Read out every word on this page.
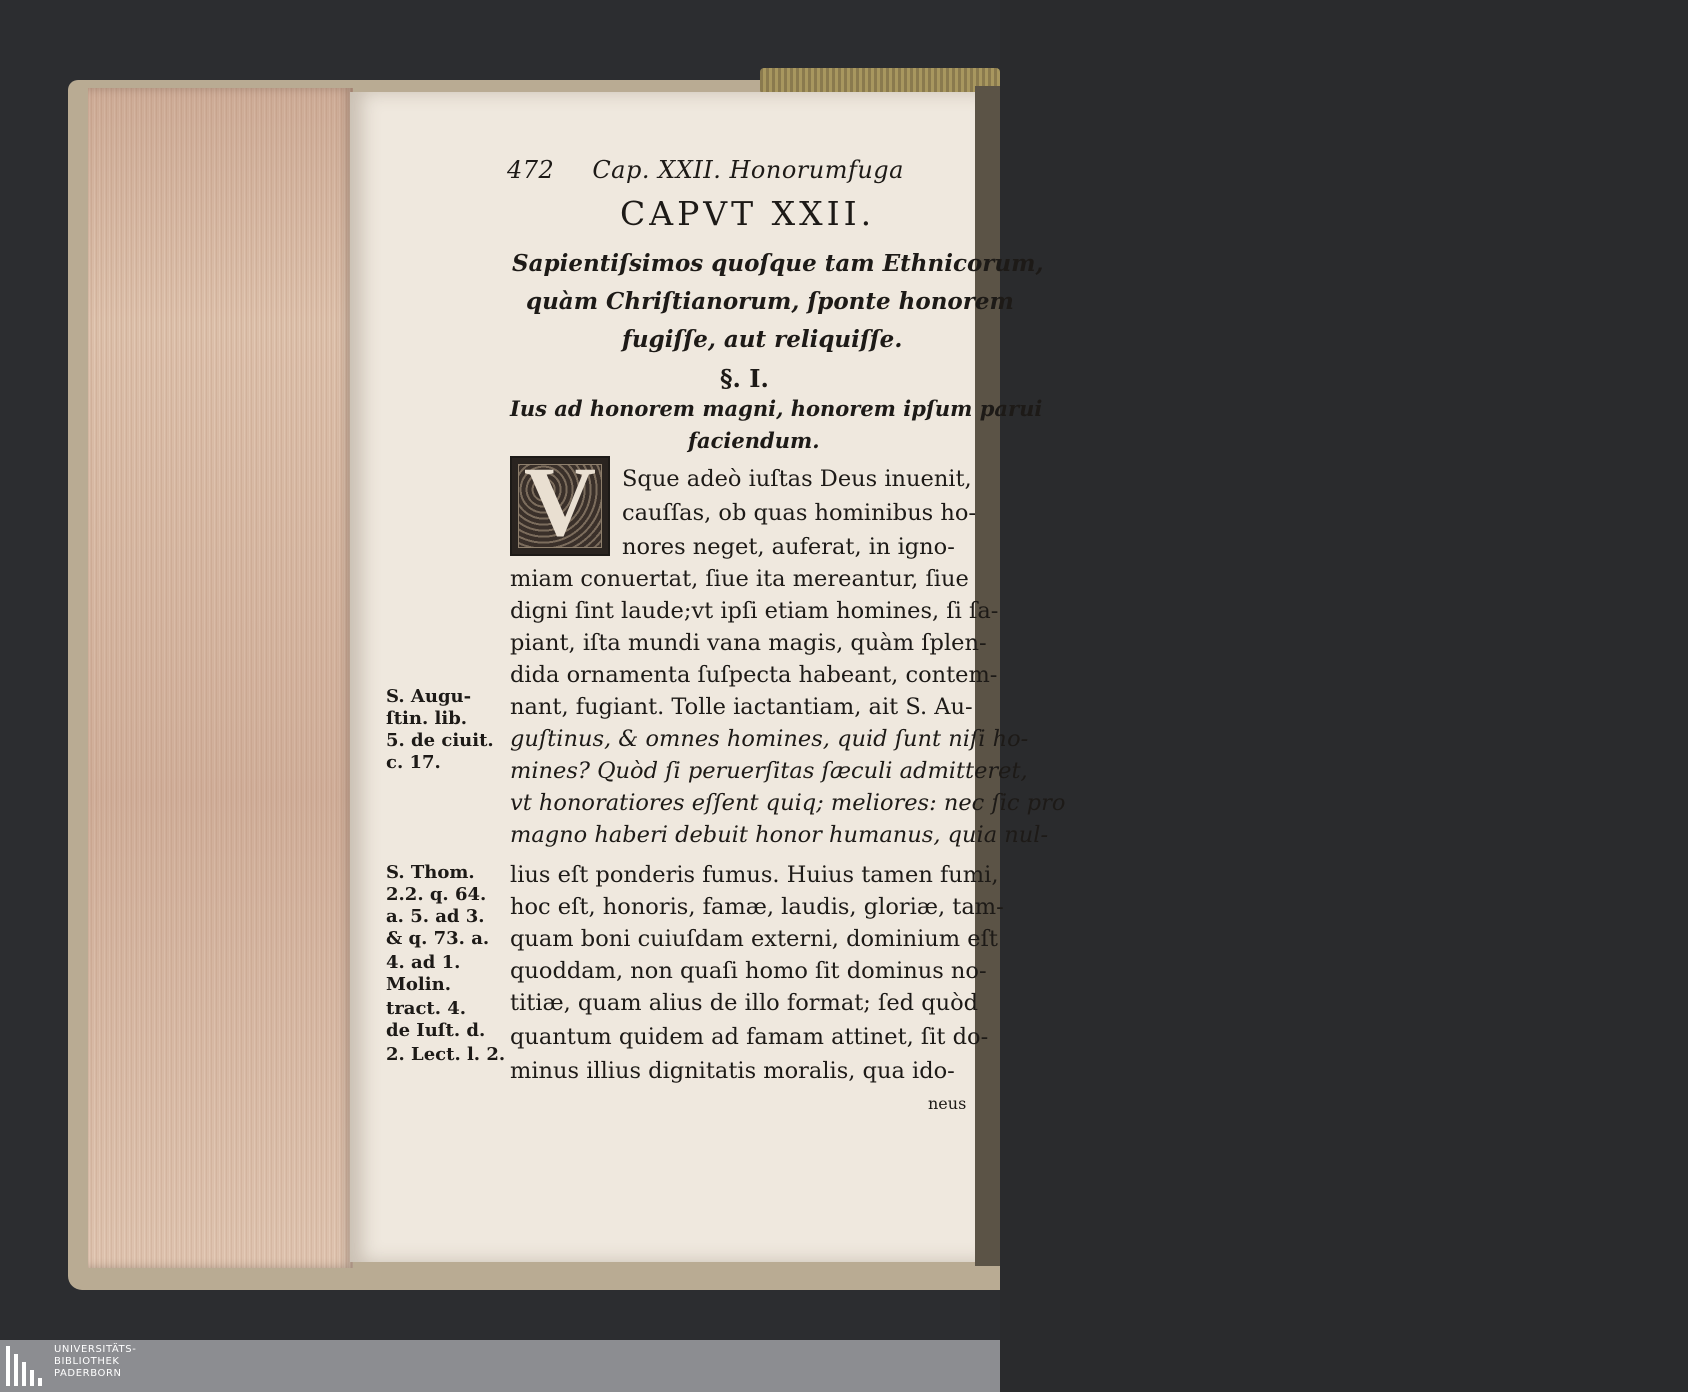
472 Cap. XXII. Honorumfuga
CAPVT XXII.
Sapientiſsimos quoſque tam Ethnicorum,
quàm Chriſtianorum, ſponte honorem
fugiſſe, aut reliquiſſe.
§. I.
Ius ad honorem magni, honorem ipſum parui
faciendum.
V	Sque adeò iuſtas Deus inuenit,
cauſſas, ob quas hominibus ho-
nores neget, auferat, in igno-
miam conuertat, ſiue ita mereantur, ſiue
digni ſint laude;vt ipſi etiam homines, ſi ſa-
piant, iſta mundi vana magis, quàm ſplen-
dida ornamenta ſuſpecta habeant, contem-
nant, fugiant. Tolle iactantiam, ait S. Au-
guſtinus, & omnes homines, quid ſunt niſi ho-
mines? Quòd ſi peruerſitas ſæculi admitteret,
vt honoratiores eſſent quiq; meliores: nec ſic pro
magno haberi debuit honor humanus, quia nul-
lius eſt ponderis fumus. Huius tamen fumi,
hoc eſt, honoris, famæ, laudis, gloriæ, tam-
quam boni cuiuſdam externi, dominium eſt
quoddam, non quaſi homo ſit dominus no-
titiæ, quam alius de illo format; ſed quòd
quantum quidem ad famam attinet, ſit do-
minus illius dignitatis moralis, qua ido-
neus
S. Augu-
ſtin. lib.
5. de ciuit.
c. 17.
S. Thom.
2.2. q. 64.
a. 5. ad 3.
& q. 73. a.
4. ad 1.
Molin.
tract. 4.
de Iuſt. d.
2. Lect. l. 2.
UNIVERSITÄTS-
BIBLIOTHEK
PADERBORN
